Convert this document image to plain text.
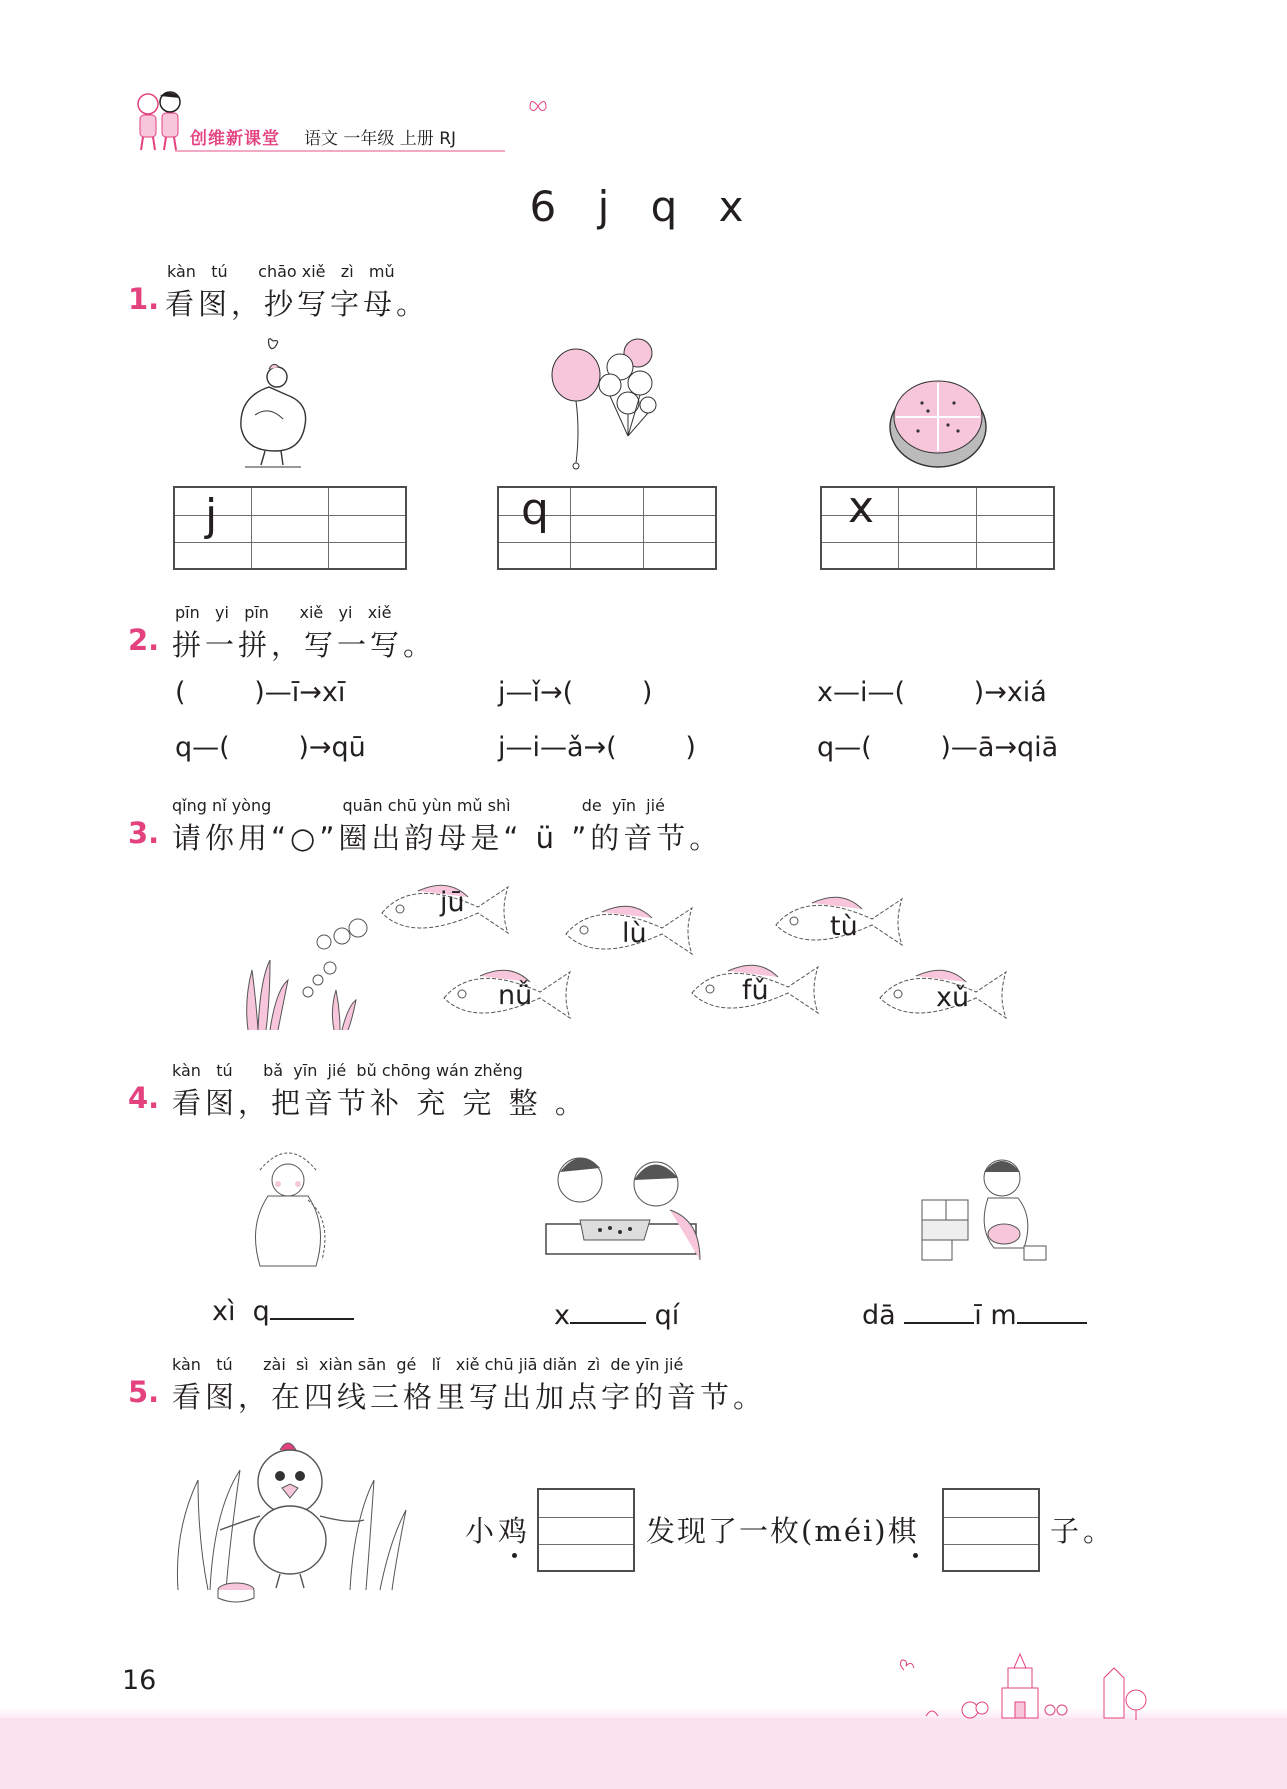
创维新课堂 语文 一年级 上册 RJ
6 j q x
kàn tú chāo xiě zì mǔ
1. 看图，抄写字母。
j	q	x
pīn yi pīn xiě yi xiě
2. 拼一拼，写一写。
(        )—ī→xī	j—ǐ→(        )	x—i—(        )→xiá
q—(        )→qū	j—i—ǎ→(        )	q—(        )—ā→qiā
qǐng nǐ yòng	quān chū yùn mǔ shì	de yīn jié
3. 请你用“○”圈出韵母是“ ü ”的音节。
jū
lù	tù
nǚ	fǔ	xǔ
kàn tú bǎ yīn jié bǔ chōng wán zhěng
4. 看图，把音节补 充 完 整 。
xì  q	x	qí	dā	ī m
kàn tú zài sì xiàn sān gé lǐ xiě chū jiā diǎn zì de yīn jié
5. 看图，在四线三格里写出加点字的音节。
小鸡	发现了一枚(méi)棋	子。
16
